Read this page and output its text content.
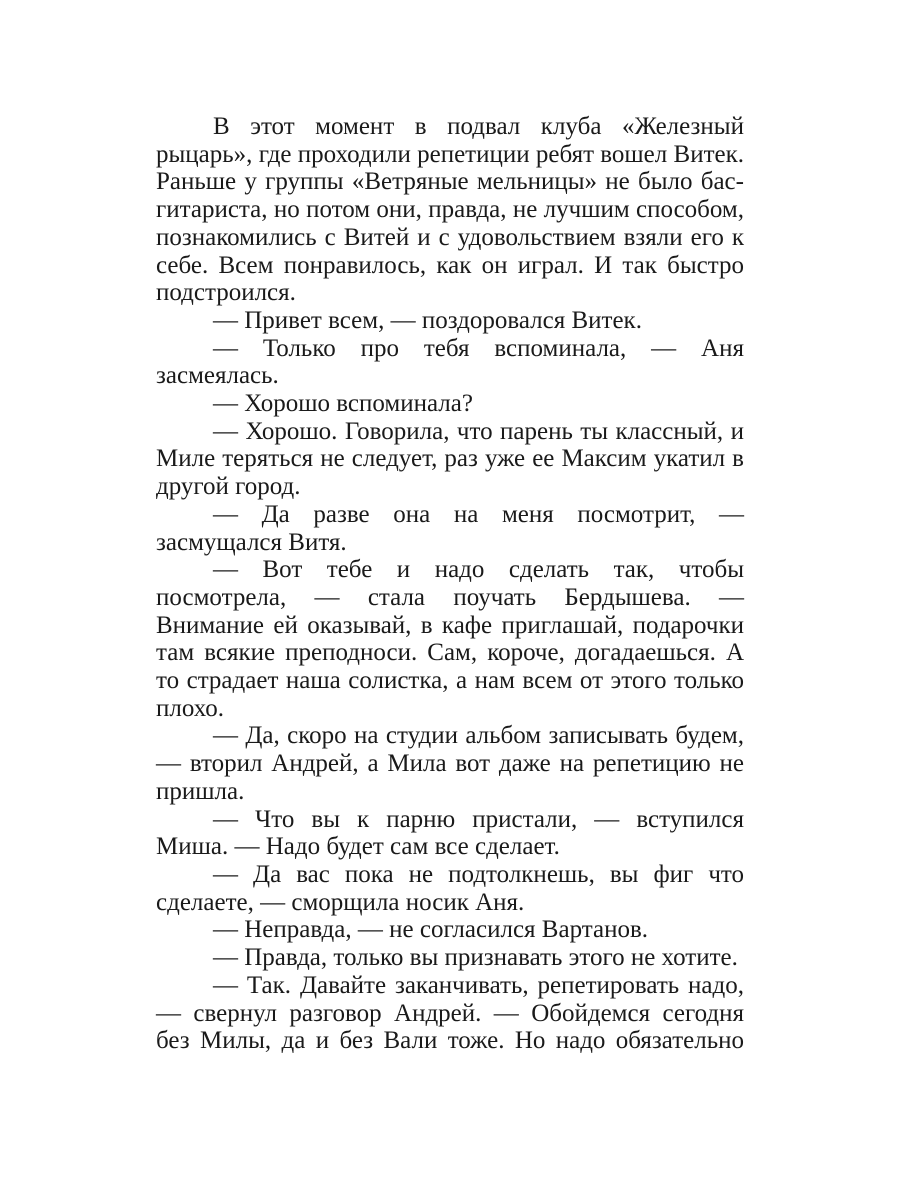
В этот момент в подвал клуба «Железный рыцарь», где проходили репетиции ребят вошел Витек. Раньше у группы «Ветряные мельницы» не было басгитариста, но потом они, правда, не лучшим способом, познакомились с Витей и с удовольствием взяли его к себе. Всем понравилось, как он играл. И так быстро подстроился.

— Привет всем, — поздоровался Витек.

— Только про тебя вспоминала, — Аня засмеялась.

— Хорошо вспоминала?

— Хорошо. Говорила, что парень ты классный, и Миле теряться не следует, раз уже ее Максим укатил в другой город.

— Да разве она на меня посмотрит, — засмущался Витя.

— Вот тебе и надо сделать так, чтобы посмотрела, — стала поучать Бердышева. — Внимание ей оказывай, в кафе приглашай, подарочки там всякие преподноси. Сам, короче, догадаешься. А то страдает наша солистка, а нам всем от этого только плохо.

— Да, скоро на студии альбом записывать будем, — вторил Андрей, а Мила вот даже на репетицию не пришла.

— Что вы к парню пристали, — вступился Миша. — Надо будет сам все сделает.

— Да вас пока не подтолкнешь, вы фиг что сделаете, — сморщила носик Аня.

— Неправда, — не согласился Вартанов.

— Правда, только вы признавать этого не хотите.

— Так. Давайте заканчивать, репетировать надо, — свернул разговор Андрей. — Обойдемся сегодня без Милы, да и без Вали тоже. Но надо обязательно
